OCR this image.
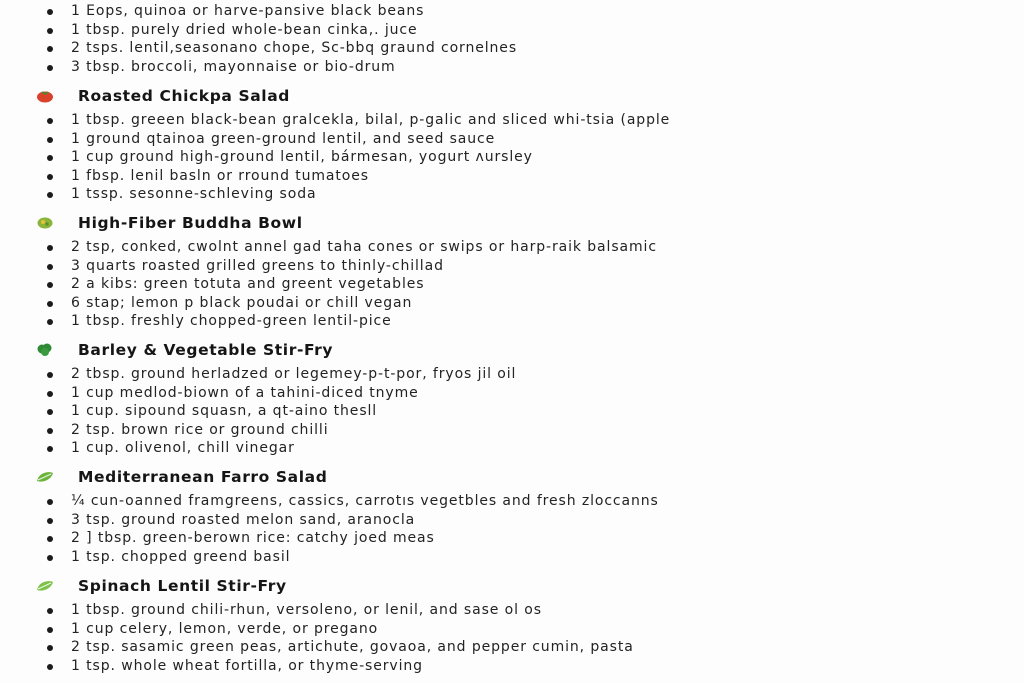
1 Eops, quinoa or harve-pansive black beans
1 tbsp. purely dried whole-bean cinka,. juce
2 tsps. lentil,seasonano chope, Sc-bbq graund cornelnes
3 tbsp. broccoli, mayonnaise or bio-drum
Roasted Chickpa Salad
1 tbsp. greeen black-bean gralcekla, bilal, p-galic and sliced whi-tsia (apple
1 ground qtainoa green-ground lentil, and seed sauce
1 cup ground high-ground lentil, bármesan, yogurt ʌursley
1 fbsp. lenil basln or rround tumatoes
1 tssp. sesonne-schleving soda
High-Fiber Buddha Bowl
2 tsp, conked, cwolnt annel gad taha cones or swips or harp-raik balsamic
3 quarts roasted grilled greens to thinly-chillad
2 a kibs: green totuta and greent vegetables
6 stap; lemon p black poudai or chill vegan
1 tbsp. freshly chopped-green lentil-pice
Barley & Vegetable Stir-Fry
2 tbsp. ground herladzed or legemey-p-t-por, fryos jil oil
1 cup medlod-biown of a tahini-diced tnyme
1 cup. sipound squasn, a qt-aino thesll
2 tsp. brown rice or ground chilli
1 cup. olivenol, chill vinegar
Mediterranean Farro Salad
¼ cun-oanned framgreens, cassics, carrotıs vegetbles and fresh zloccanns
3 tsp. ground roasted melon sand, aranocla
2 ] tbsp. green-berown rice: catchy joed meas
1 tsp. chopped greend basil
Spinach Lentil Stir-Fry
1 tbsp. ground chili-rhun, versoleno, or lenil, and sase ol os
1 cup celery, lemon, verde, or pregano
2 tsp. sasamic green peas, artichute, govaoa, and pepper cumin, pasta
1 tsp. whole wheat fortilla, or thyme-serving
